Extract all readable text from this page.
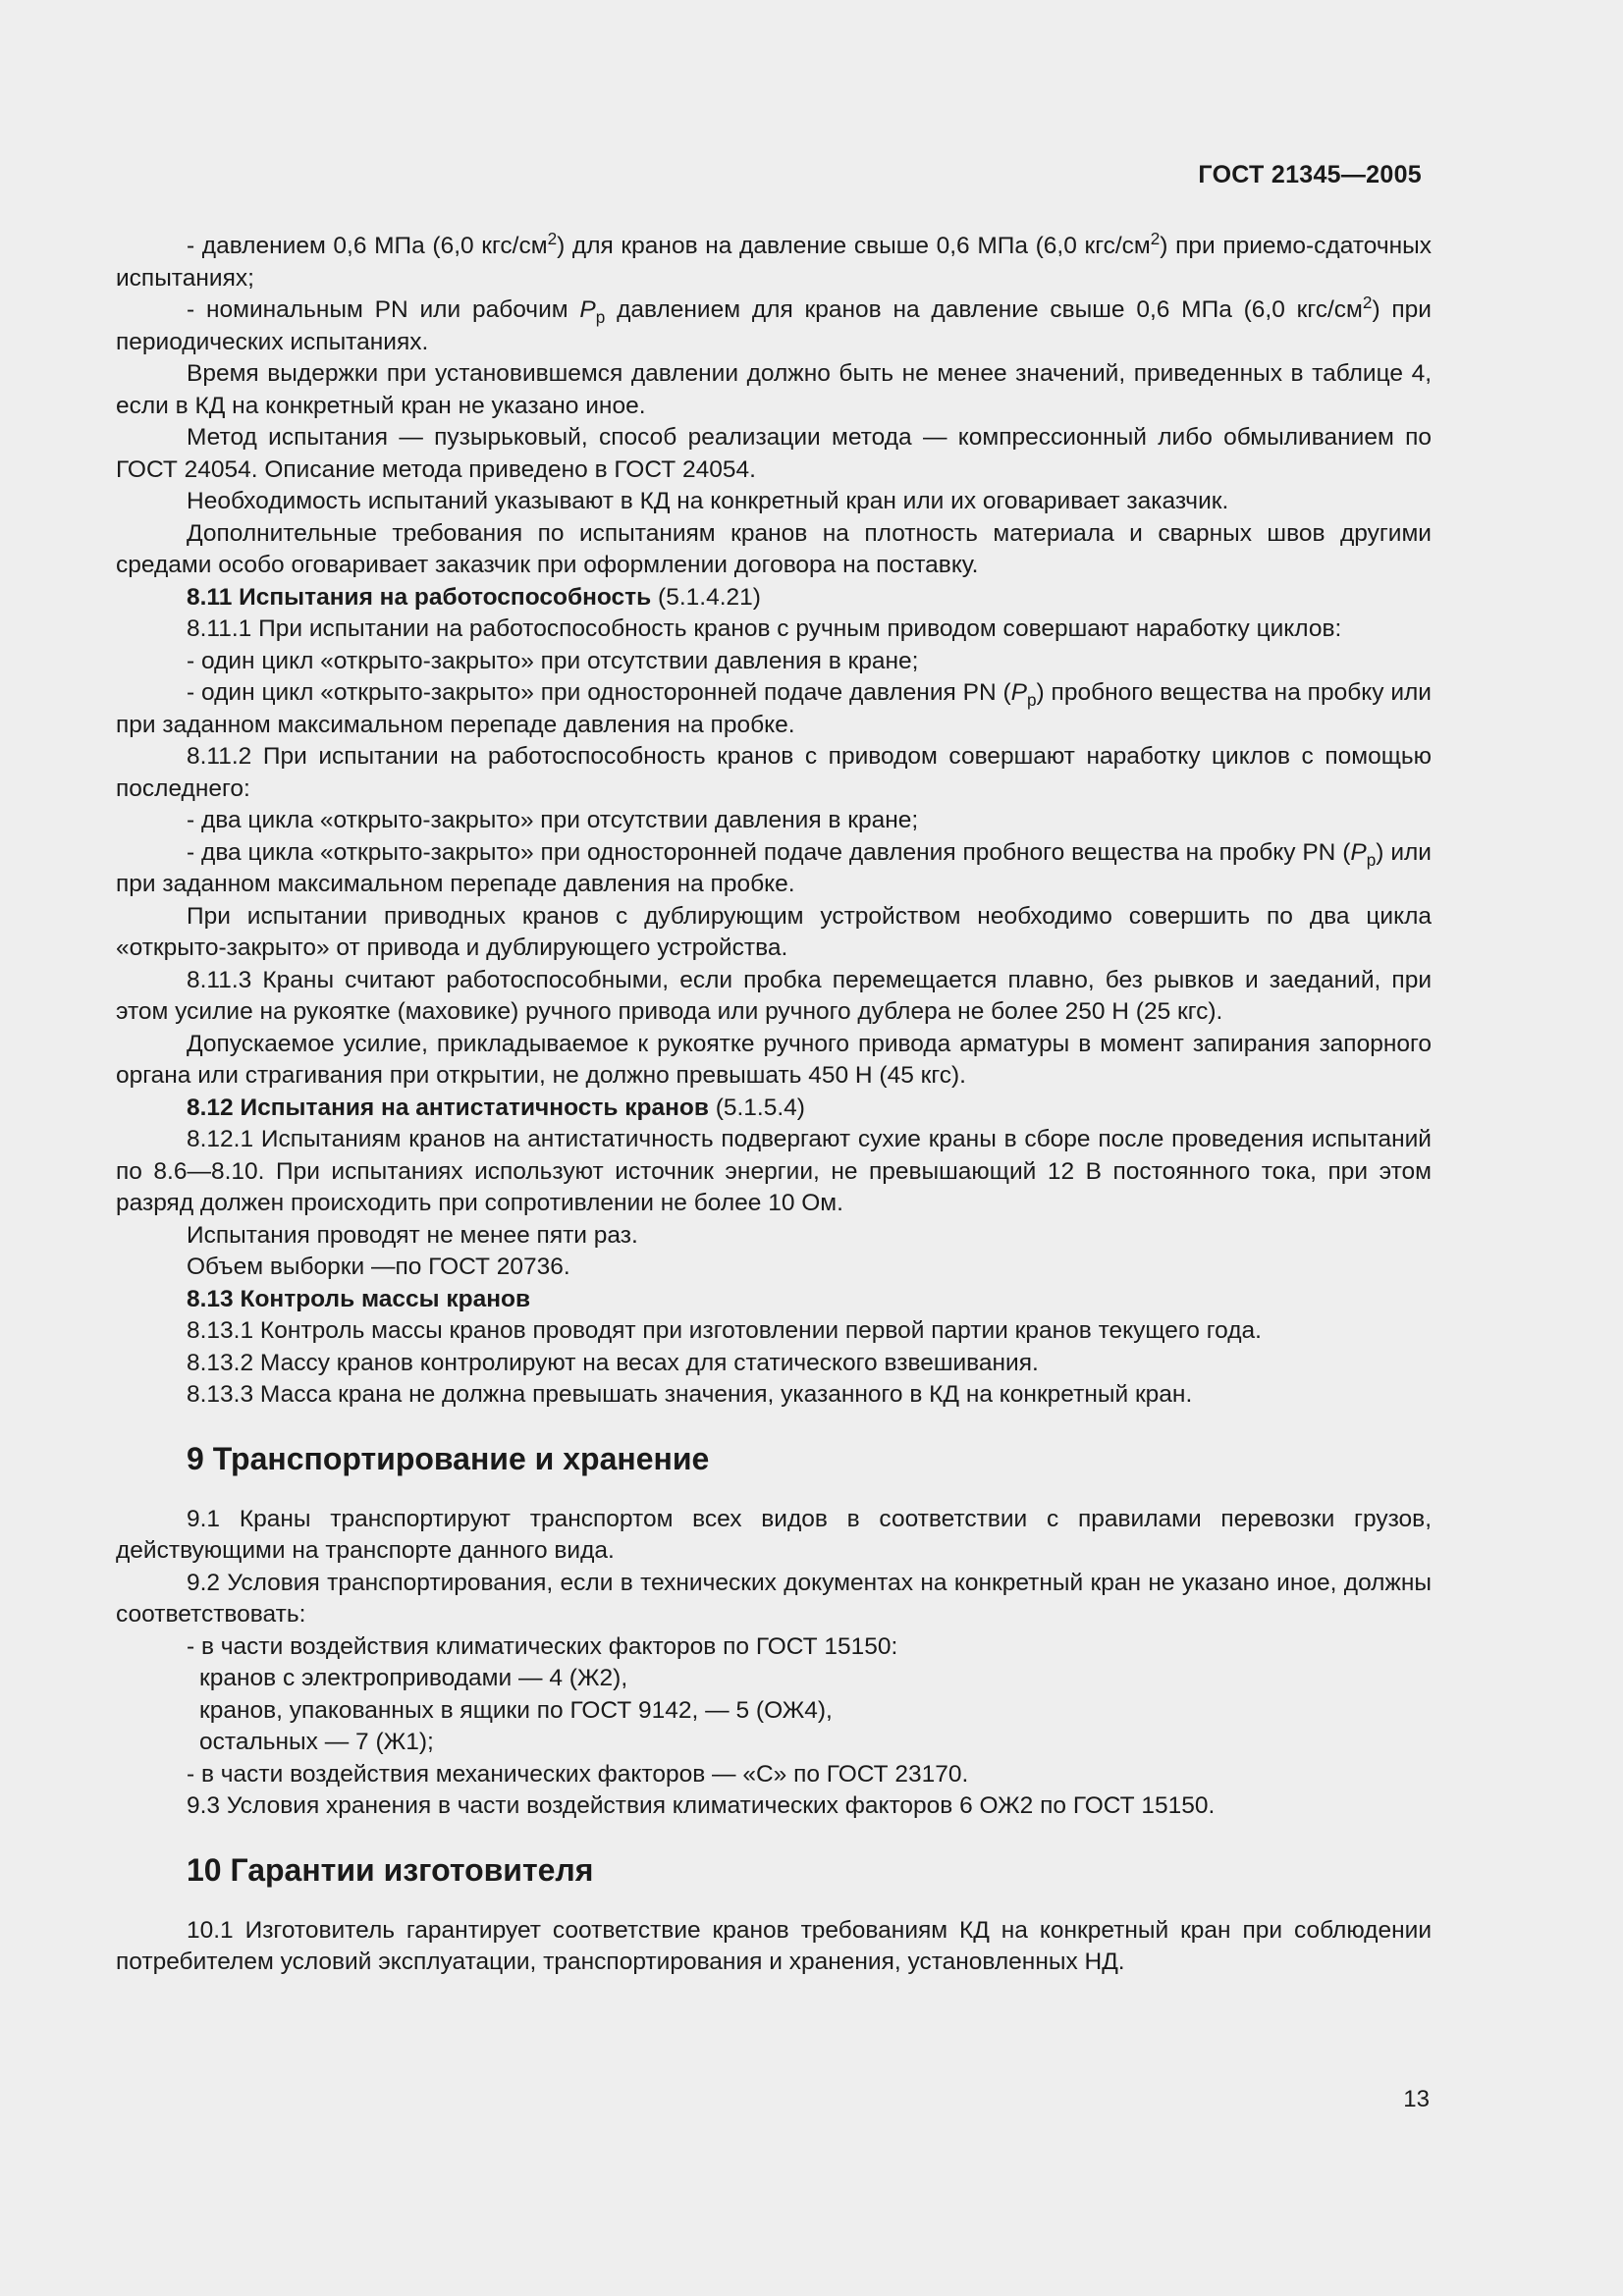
ГОСТ 21345—2005

- давлением 0,6 МПа (6,0 кгс/$см^2$) для кранов на давление свыше 0,6 МПа (6,0 кгс/$см^2$) при приемо-сдаточных испытаниях;

- номинальным PN или рабочим $P_р$ давлением для кранов на давление свыше 0,6 МПа (6,0 кгс/$см^2$) при периодических испытаниях.

Время выдержки при установившемся давлении должно быть не менее значений, приведенных в таблице 4, если в КД на конкретный кран не указано иное.

Метод испытания — пузырьковый, способ реализации метода — компрессионный либо обмыливанием по ГОСТ 24054. Описание метода приведено в ГОСТ 24054.

Необходимость испытаний указывают в КД на конкретный кран или их оговаривает заказчик.

Дополнительные требования по испытаниям кранов на плотность материала и сварных швов другими средами особо оговаривает заказчик при оформлении договора на поставку.

8.11 Испытания на работоспособность (5.1.4.21)

8.11.1 При испытании на работоспособность кранов с ручным приводом совершают наработку циклов:

- один цикл «открыто-закрыто» при отсутствии давления в кране;

- один цикл «открыто-закрыто» при односторонней подаче давления PN $(P_р)$ пробного вещества на пробку или при заданном максимальном перепаде давления на пробке.

8.11.2 При испытании на работоспособность кранов с приводом совершают наработку циклов с помощью последнего:

- два цикла «открыто-закрыто» при отсутствии давления в кране;

- два цикла «открыто-закрыто» при односторонней подаче давления пробного вещества на пробку PN $(P_р)$ или при заданном максимальном перепаде давления на пробке.

При испытании приводных кранов с дублирующим устройством необходимо совершить по два цикла «открыто-закрыто» от привода и дублирующего устройства.

8.11.3 Краны считают работоспособными, если пробка перемещается плавно, без рывков и заеданий, при этом усилие на рукоятке (маховике) ручного привода или ручного дублера не более 250 Н (25 кгс).

Допускаемое усилие, прикладываемое к рукоятке ручного привода арматуры в момент запирания запорного органа или страгивания при открытии, не должно превышать 450 Н (45 кгс).

8.12 Испытания на антистатичность кранов (5.1.5.4)

8.12.1 Испытаниям кранов на антистатичность подвергают сухие краны в сборе после проведения испытаний по 8.6—8.10. При испытаниях используют источник энергии, не превышающий 12 В постоянного тока, при этом разряд должен происходить при сопротивлении не более 10 Ом.

Испытания проводят не менее пяти раз.

Объем выборки —по ГОСТ 20736.

8.13 Контроль массы кранов

8.13.1 Контроль массы кранов проводят при изготовлении первой партии кранов текущего года.

8.13.2 Массу кранов контролируют на весах для статического взвешивания.

8.13.3 Масса крана не должна превышать значения, указанного в КД на конкретный кран.

9 Транспортирование и хранение

9.1 Краны транспортируют транспортом всех видов в соответствии с правилами перевозки грузов, действующими на транспорте данного вида.

9.2 Условия транспортирования, если в технических документах на конкретный кран не указано иное, должны соответствовать:

- в части воздействия климатических факторов по ГОСТ 15150:

кранов с электроприводами — 4 (Ж2),

кранов, упакованных в ящики по ГОСТ 9142, — 5 (ОЖ4),

остальных — 7 (Ж1);

- в части воздействия механических факторов — «С» по ГОСТ 23170.

9.3 Условия хранения в части воздействия климатических факторов 6 ОЖ2 по ГОСТ 15150.

10 Гарантии изготовителя

10.1 Изготовитель гарантирует соответствие кранов требованиям КД на конкретный кран при соблюдении потребителем условий эксплуатации, транспортирования и хранения, установленных НД.

13
